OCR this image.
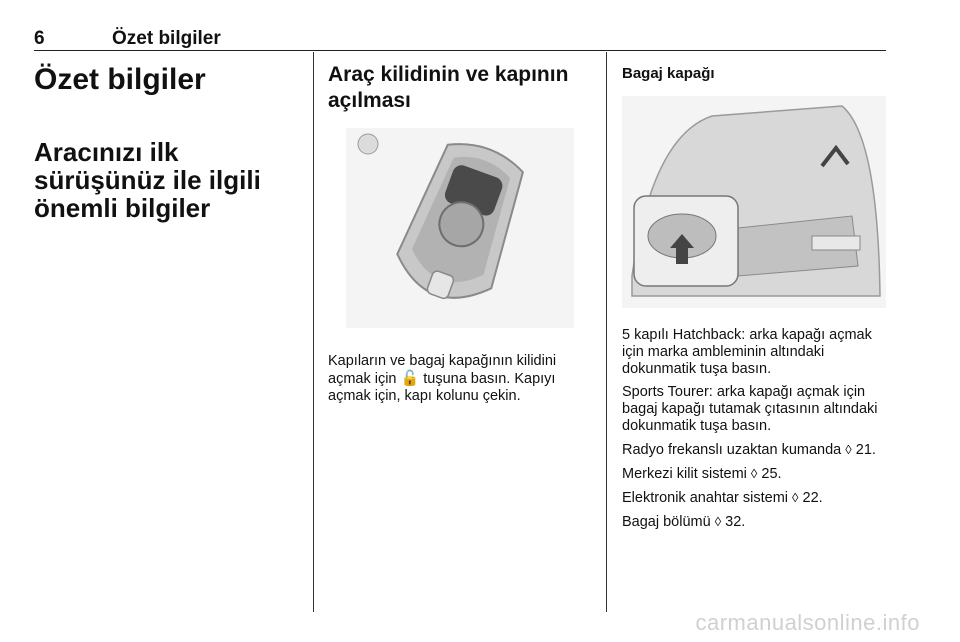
6	Özet bilgiler
Özet bilgiler
Aracınızı ilk sürüşünüz ile ilgili önemli bilgiler
Araç kilidinin ve kapının açılması

Kapıların ve bagaj kapağının kilidini açmak için 🔓 tuşuna basın. Kapıyı açmak için, kapı kolunu çekin.

Bagaj kapağı

5 kapılı Hatchback: arka kapağı açmak için marka ambleminin altındaki dokunmatik tuşa basın.

Sports Tourer: arka kapağı açmak için bagaj kapağı tutamak çıtasının altındaki dokunmatik tuşa basın.

Radyo frekanslı uzaktan kumanda ◊ 21.

Merkezi kilit sistemi ◊ 25.

Elektronik anahtar sistemi ◊ 22.

Bagaj bölümü ◊ 32.

carmanualsonline.info
